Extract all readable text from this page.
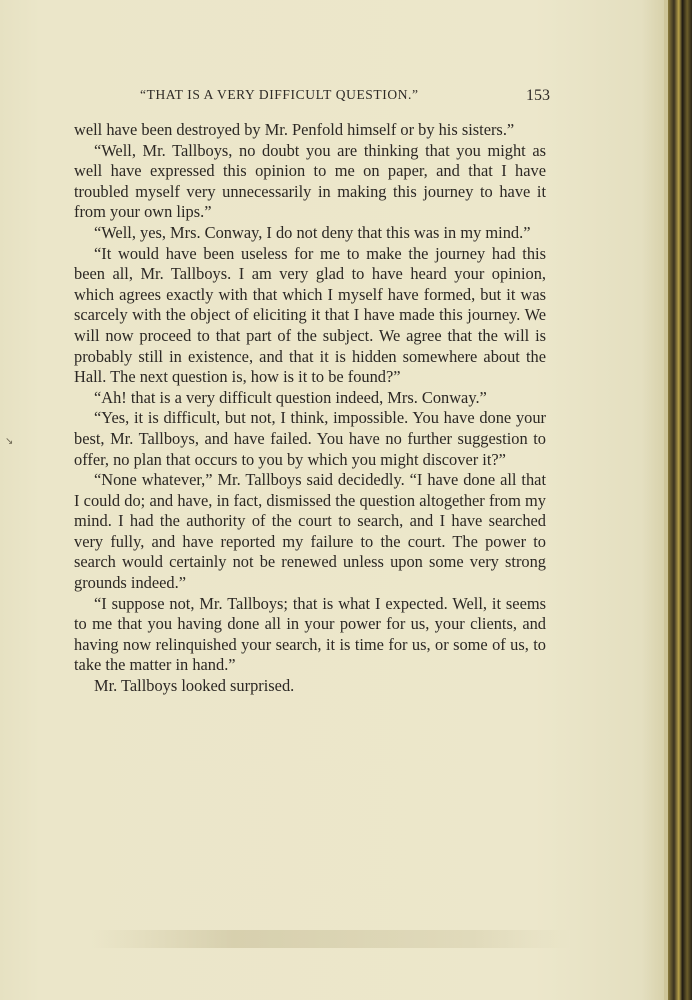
“THAT IS A VERY DIFFICULT QUESTION.”	153

well have been destroyed by Mr. Penfold himself or by his sisters.”

“Well, Mr. Tallboys, no doubt you are thinking that you might as well have expressed this opinion to me on paper, and that I have troubled myself very unnecessarily in making this journey to have it from your own lips.”

“Well, yes, Mrs. Conway, I do not deny that this was in my mind.”

“It would have been useless for me to make the journey had this been all, Mr. Tallboys. I am very glad to have heard your opinion, which agrees exactly with that which I myself have formed, but it was scarcely with the object of eliciting it that I have made this journey. We will now proceed to that part of the subject. We agree that the will is probably still in existence, and that it is hidden somewhere about the Hall. The next question is, how is it to be found?”

“Ah! that is a very difficult question indeed, Mrs. Conway.”

“Yes, it is difficult, but not, I think, impossible. You have done your best, Mr. Tallboys, and have failed. You have no further suggestion to offer, no plan that occurs to you by which you might discover it?”

“None whatever,” Mr. Tallboys said decidedly. “I have done all that I could do; and have, in fact, dismissed the question altogether from my mind. I had the authority of the court to search, and I have searched very fully, and have reported my failure to the court. The power to search would certainly not be renewed unless upon some very strong grounds indeed.”

“I suppose not, Mr. Tallboys; that is what I expected. Well, it seems to me that you having done all in your power for us, your clients, and having now relinquished your search, it is time for us, or some of us, to take the matter in hand.”

Mr. Tallboys looked surprised.

↘
